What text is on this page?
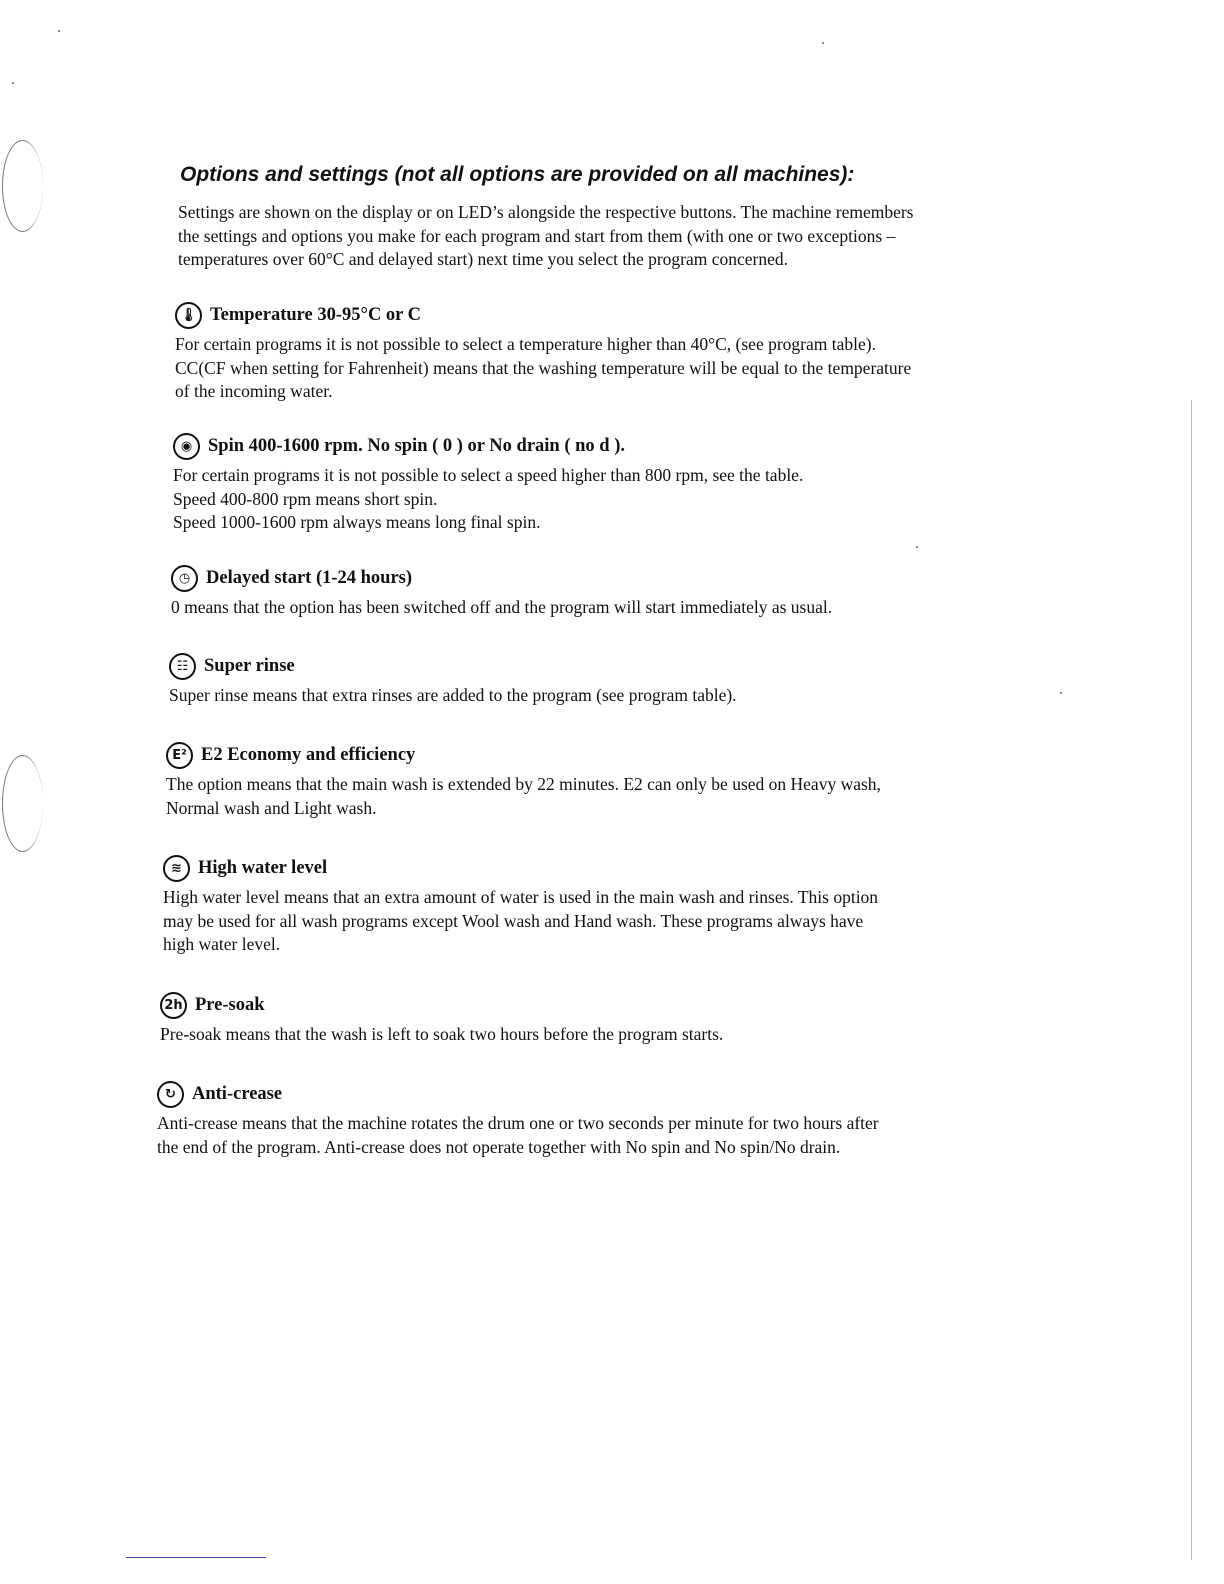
Options and settings (not all options are provided on all machines):

Settings are shown on the display or on LED’s alongside the respective buttons. The machine remembers

the settings and options you make for each program and start from them (with one or two exceptions –

temperatures over 60°C and delayed start) next time you select the program concerned.

🌡 Temperature 30-95°C or C

For certain programs it is not possible to select a temperature higher than 40°C, (see program table).

CC(CF when setting for Fahrenheit) means that the washing temperature will be equal to the temperature

of the incoming water.

◉ Spin 400-1600 rpm. No spin ( 0 ) or No drain ( no d ).

For certain programs it is not possible to select a speed higher than 800 rpm, see the table.

Speed 400-800 rpm means short spin.

Speed 1000-1600 rpm always means long final spin.

◷ Delayed start (1-24 hours)

0 means that the option has been switched off and the program will start immediately as usual.

☷ Super rinse

Super rinse means that extra rinses are added to the program (see program table).

E² E2 Economy and efficiency

The option means that the main wash is extended by 22 minutes. E2 can only be used on Heavy wash,

Normal wash and Light wash.

≋ High water level

High water level means that an extra amount of water is used in the main wash and rinses. This option

may be used for all wash programs except Wool wash and Hand wash. These programs always have

high water level.

2h Pre-soak

Pre-soak means that the wash is left to soak two hours before the program starts.

↻ Anti-crease

Anti-crease means that the machine rotates the drum one or two seconds per minute for two hours after

the end of the program. Anti-crease does not operate together with No spin and No spin/No drain.
